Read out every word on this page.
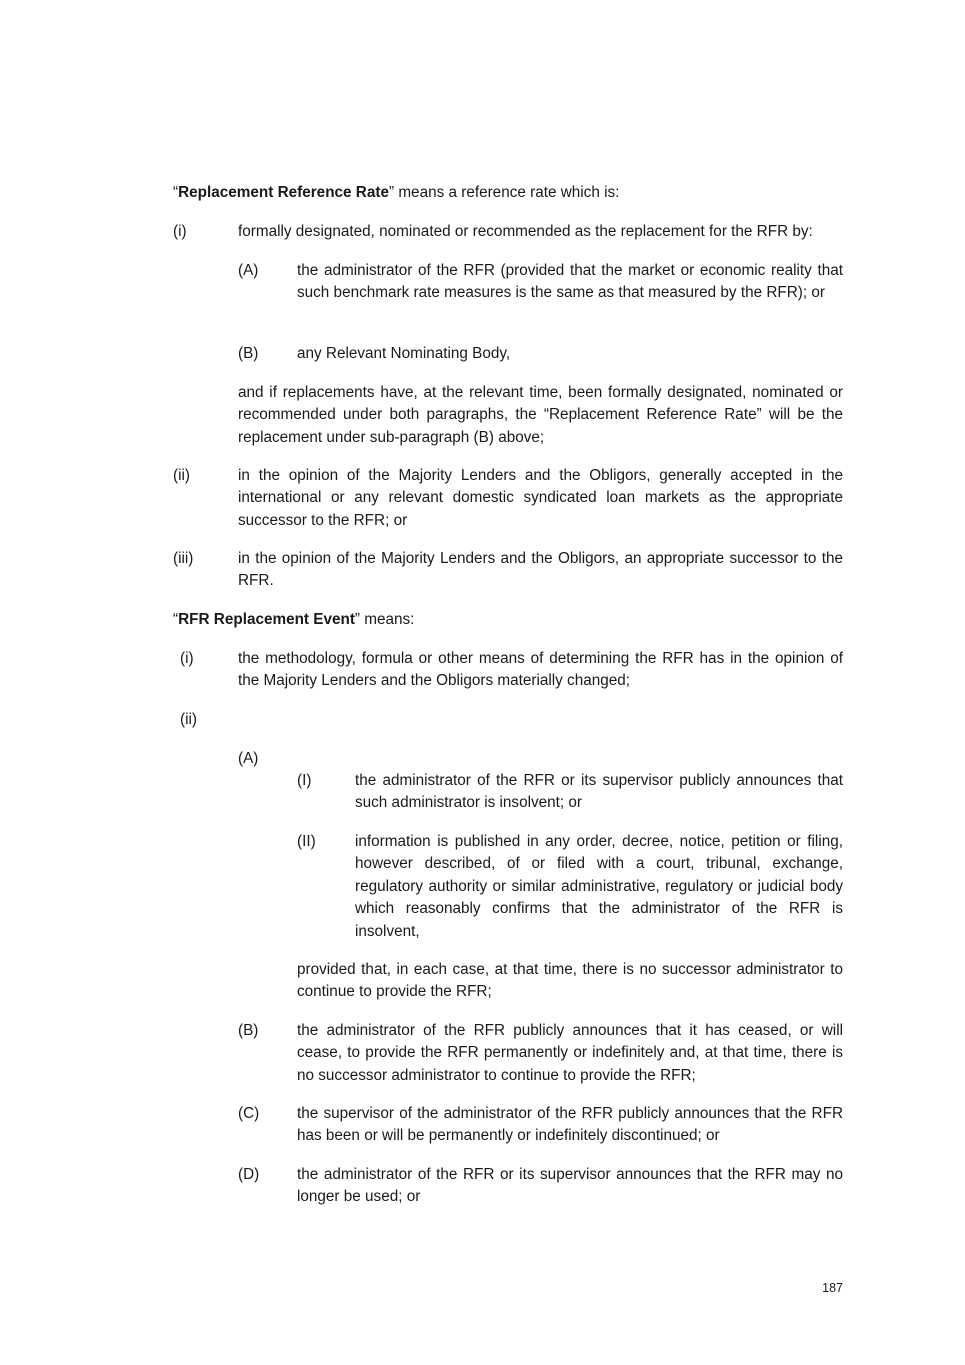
“Replacement Reference Rate” means a reference rate which is:
(i)	formally designated, nominated or recommended as the replacement for the RFR by:
(A)	the administrator of the RFR (provided that the market or economic reality that such benchmark rate measures is the same as that measured by the RFR); or
(B)	any Relevant Nominating Body,
and if replacements have, at the relevant time, been formally designated, nominated or recommended under both paragraphs, the “Replacement Reference Rate” will be the replacement under sub-paragraph (B) above;
(ii)	in the opinion of the Majority Lenders and the Obligors, generally accepted in the international or any relevant domestic syndicated loan markets as the appropriate successor to the RFR; or
(iii)	in the opinion of the Majority Lenders and the Obligors, an appropriate successor to the RFR.
“RFR Replacement Event” means:
(i)	the methodology, formula or other means of determining the RFR has in the opinion of the Majority Lenders and the Obligors materially changed;
(ii)
(A)
(I)	the administrator of the RFR or its supervisor publicly announces that such administrator is insolvent; or
(II)	information is published in any order, decree, notice, petition or filing, however described, of or filed with a court, tribunal, exchange, regulatory authority or similar administrative, regulatory or judicial body which reasonably confirms that the administrator of the RFR is insolvent,
provided that, in each case, at that time, there is no successor administrator to continue to provide the RFR;
(B)	the administrator of the RFR publicly announces that it has ceased, or will cease, to provide the RFR permanently or indefinitely and, at that time, there is no successor administrator to continue to provide the RFR;
(C) the supervisor of the administrator of the RFR publicly announces that the RFR has been or will be permanently or indefinitely discontinued; or
(D) the administrator of the RFR or its supervisor announces that the RFR may no longer be used; or
187
